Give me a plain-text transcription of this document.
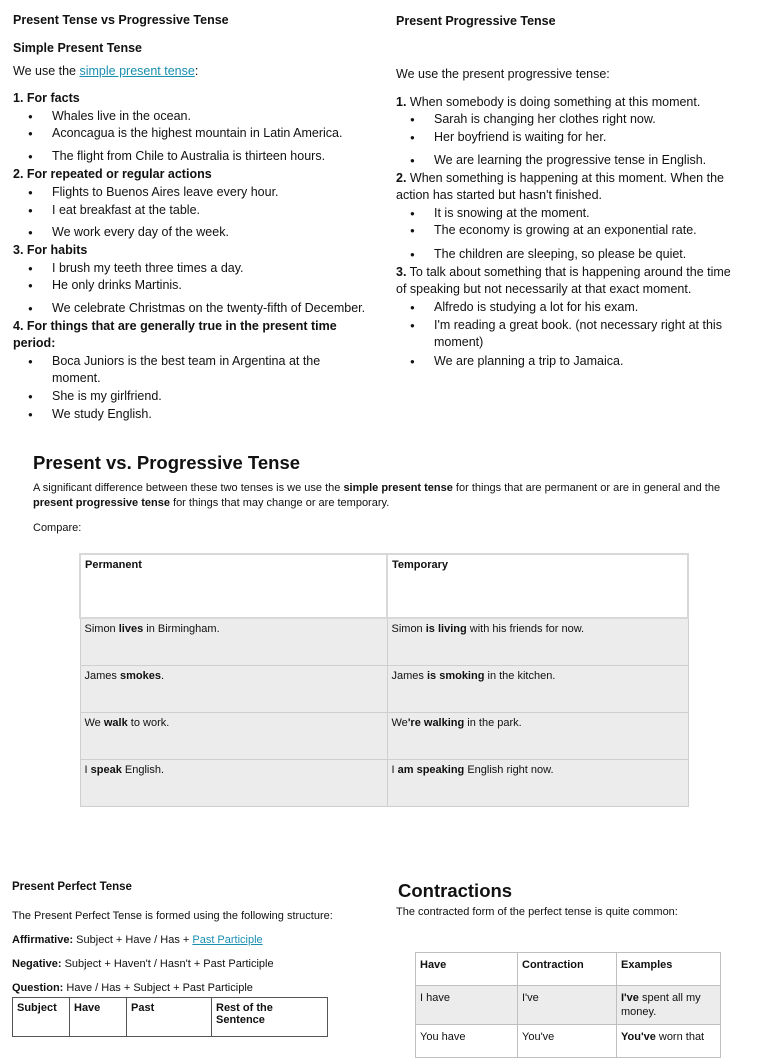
Present Tense vs Progressive Tense
Simple Present Tense
We use the simple present tense:
1. For facts
● Whales live in the ocean.
● Aconcagua is the highest mountain in Latin America.
● The flight from Chile to Australia is thirteen hours.
2. For repeated or regular actions
● Flights to Buenos Aires leave every hour.
● I eat breakfast at the table.
● We work every day of the week.
3. For habits
● I brush my teeth three times a day.
● He only drinks Martinis.
● We celebrate Christmas on the twenty-fifth of December.
4. For things that are generally true in the present time
period:
● Boca Juniors is the best team in Argentina at the
moment.
● She is my girlfriend.
● We study English.
Present Progressive Tense
We use the present progressive tense:
1. When somebody is doing something at this moment.
● Sarah is changing her clothes right now.
● Her boyfriend is waiting for her.
● We are learning the progressive tense in English.
2. When something is happening at this moment. When the
action has started but hasn't finished.
● It is snowing at the moment.
● The economy is growing at an exponential rate.
● The children are sleeping, so please be quiet.
3. To talk about something that is happening around the time
of speaking but not necessarily at that exact moment.
● Alfredo is studying a lot for his exam.
● I'm reading a great book. (not necessary right at this
moment)
● We are planning a trip to Jamaica.
Present vs. Progressive Tense
A significant difference between these two tenses is we use the simple present tense for things that are permanent or are in general and the
present progressive tense for things that may change or are temporary.
Compare:
Permanent	Temporary
Simon lives in Birmingham.	Simon is living with his friends for now.
James smokes.	James is smoking in the kitchen.
We walk to work.	We're walking in the park.
I speak English.	I am speaking English right now.
Present Perfect Tense
The Present Perfect Tense is formed using the following structure:
Affirmative: Subject + Have / Has + Past Participle
Negative: Subject + Haven't / Hasn't + Past Participle
Question: Have / Has + Subject + Past Participle
Subject	Have	Past	Rest of the Sentence
Contractions
The contracted form of the perfect tense is quite common:
Have	Contraction	Examples
I have	I've	I've spent all my money.
You have	You've	You've worn that
